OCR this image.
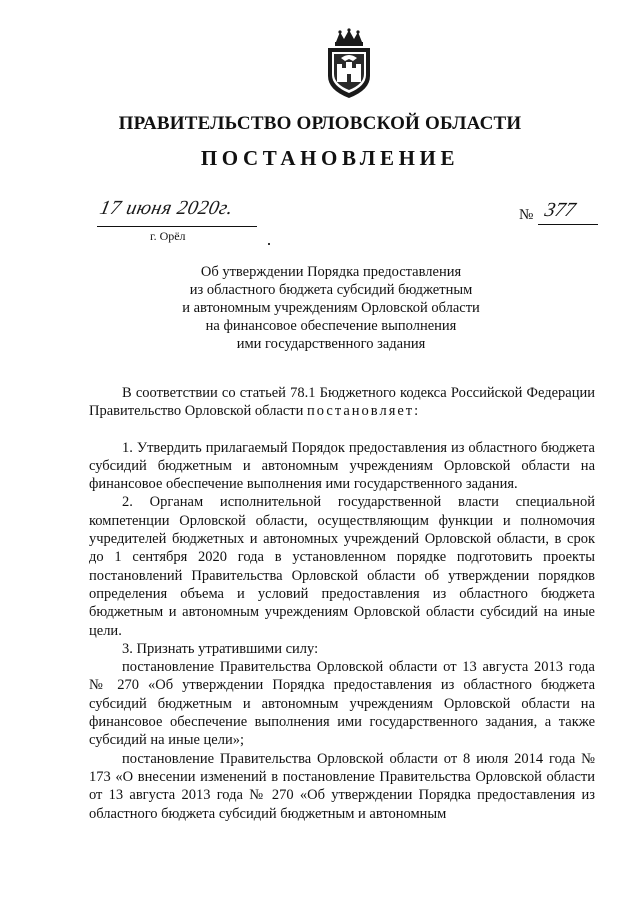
ПРАВИТЕЛЬСТВО ОРЛОВСКОЙ ОБЛАСТИ
ПОСТАНОВЛЕНИЕ
17 июня 2020г.	№ 377
г. Орёл
Об утверждении Порядка предоставления
из областного бюджета субсидий бюджетным
и автономным учреждениям Орловской области
на финансовое обеспечение выполнения
ими государственного задания

В соответствии со статьей 78.1 Бюджетного кодекса Российской Федерации Правительство Орловской области постановляет:

1. Утвердить прилагаемый Порядок предоставления из областного бюджета субсидий бюджетным и автономным учреждениям Орловской области на финансовое обеспечение выполнения ими государственного задания.

2. Органам исполнительной государственной власти специальной компетенции Орловской области, осуществляющим функции и полномочия учредителей бюджетных и автономных учреждений Орловской области, в срок до 1 сентября 2020 года в установленном порядке подготовить проекты постановлений Правительства Орловской области об утверждении порядков определения объема и условий предоставления из областного бюджета бюджетным и автономным учреждениям Орловской области субсидий на иные цели.

3. Признать утратившими силу:

постановление Правительства Орловской области от 13 августа 2013 года № 270 «Об утверждении Порядка предоставления из областного бюджета субсидий бюджетным и автономным учреждениям Орловской области на финансовое обеспечение выполнения ими государственного задания, а также субсидий на иные цели»;

постановление Правительства Орловской области от 8 июля 2014 года № 173 «О внесении изменений в постановление Правительства Орловской области от 13 августа 2013 года № 270 «Об утверждении Порядка предоставления из областного бюджета субсидий бюджетным и автономным
